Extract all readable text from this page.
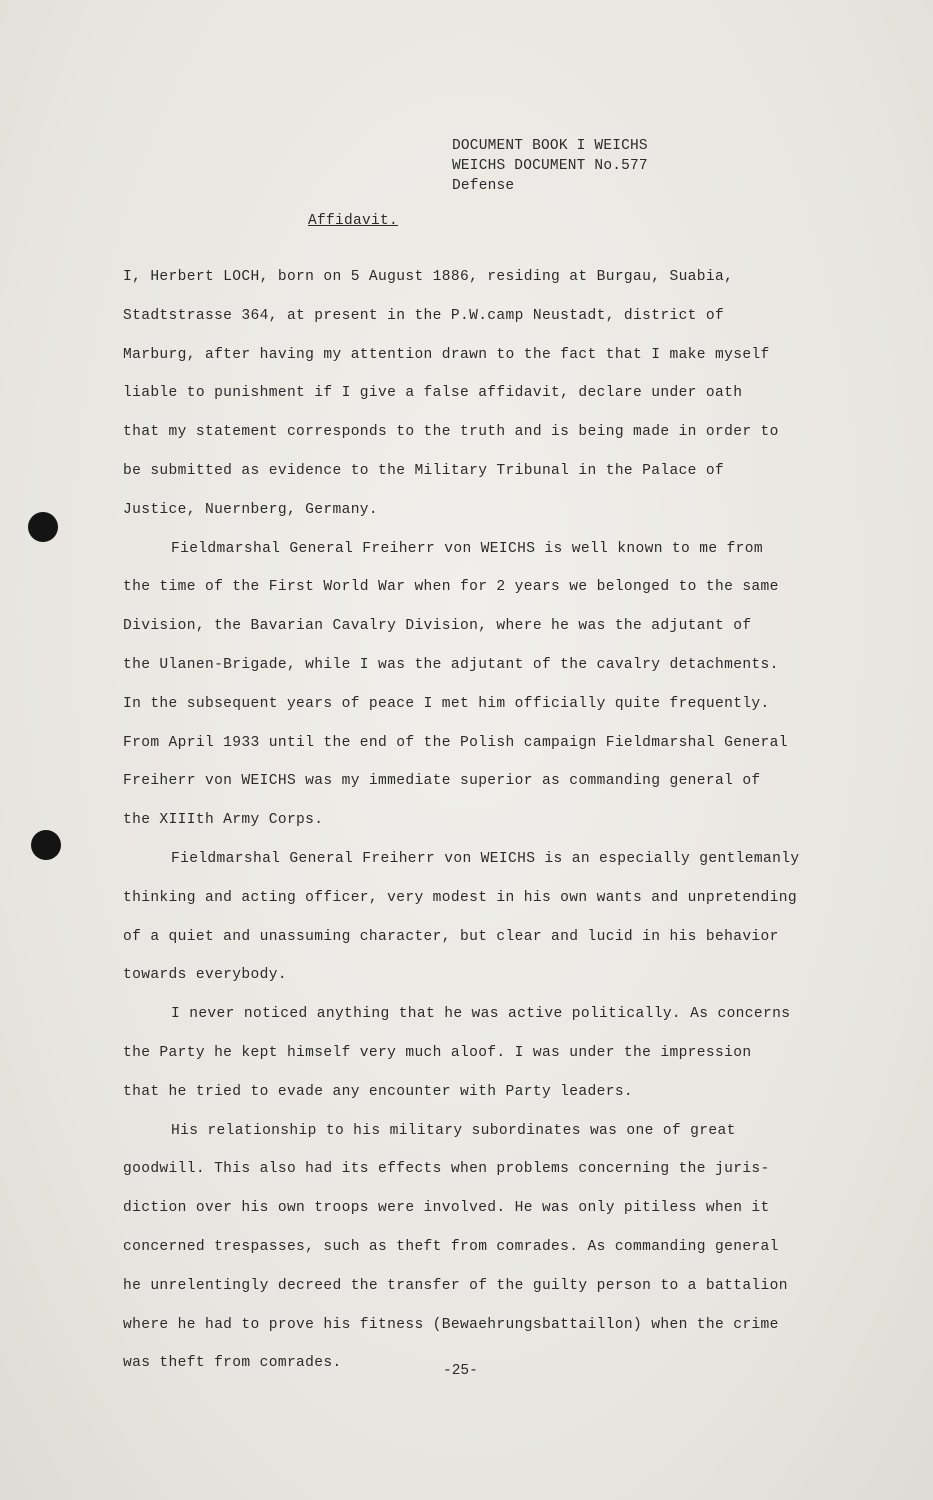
DOCUMENT BOOK I WEICHS
WEICHS DOCUMENT No.577
Defense
Affidavit.
I, Herbert LOCH, born on 5 August 1886, residing at Burgau, Suabia,
Stadtstrasse 364, at present in the P.W.camp Neustadt, district of
Marburg, after having my attention drawn to the fact that I make myself
liable to punishment if I give a false affidavit, declare under oath
that my statement corresponds to the truth and is being made in order to
be submitted as evidence to the Military Tribunal in the Palace of
Justice, Nuernberg, Germany.
Fieldmarshal General Freiherr von WEICHS is well known to me from
the time of the First World War when for 2 years we belonged to the same
Division, the Bavarian Cavalry Division, where he was the adjutant of
the Ulanen-Brigade, while I was the adjutant of the cavalry detachments.
In the subsequent years of peace I met him officially quite frequently.
From April 1933 until the end of the Polish campaign Fieldmarshal General
Freiherr von WEICHS was my immediate superior as commanding general of
the XIIIth Army Corps.
Fieldmarshal General Freiherr von WEICHS is an especially gentlemanly
thinking and acting officer, very modest in his own wants and unpretending
of a quiet and unassuming character, but clear and lucid in his behavior
towards everybody.
I never noticed anything that he was active politically. As concerns
the Party he kept himself very much aloof. I was under the impression
that he tried to evade any encounter with Party leaders.
His relationship to his military subordinates was one of great
goodwill. This also had its effects when problems concerning the juris-
diction over his own troops were involved. He was only pitiless when it
concerned trespasses, such as theft from comrades. As commanding general
he unrelentingly decreed the transfer of the guilty person to a battalion
where he had to prove his fitness (Bewaehrungsbattaillon) when the crime
was theft from comrades.	-25-
